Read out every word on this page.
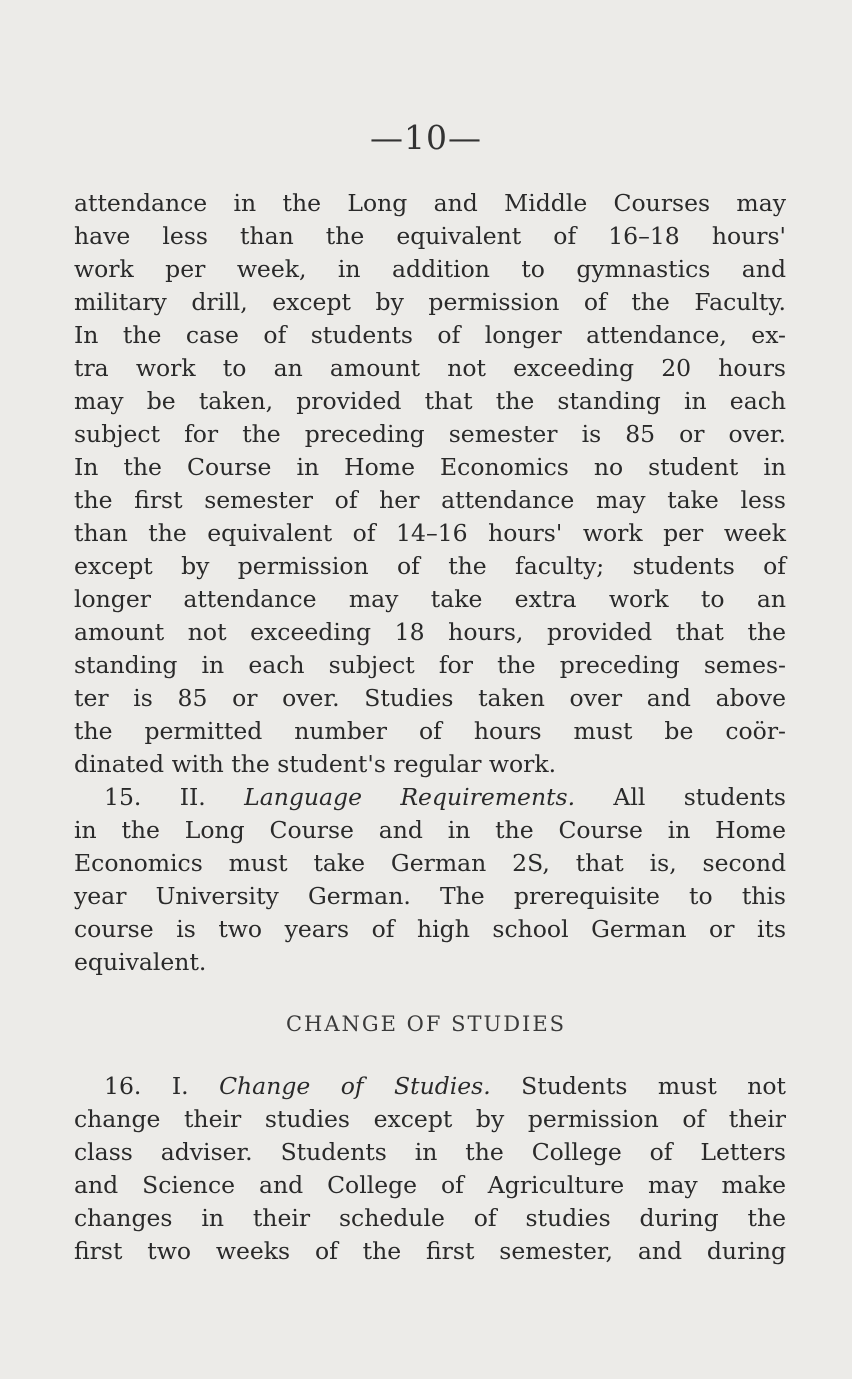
—10—
attendance in the Long and Middle Courses may
have less than the equivalent of 16–18 hours'
work per week, in addition to gymnastics and
military drill, except by permission of the Faculty.
In the case of students of longer attendance, ex-
tra work to an amount not exceeding 20 hours
may be taken, provided that the standing in each
subject for the preceding semester is 85 or over.
In the Course in Home Economics no student in
the first semester of her attendance may take less
than the equivalent of 14–16 hours' work per week
except by permission of the faculty; students of
longer attendance may take extra work to an
amount not exceeding 18 hours, provided that the
standing in each subject for the preceding semes-
ter is 85 or over. Studies taken over and above
the permitted number of hours must be coör-
dinated with the student's regular work.
15. II. Language Requirements. All students
in the Long Course and in the Course in Home
Economics must take German 2S, that is, second
year University German. The prerequisite to this
course is two years of high school German or its
equivalent.
CHANGE OF STUDIES
16. I. Change of Studies. Students must not
change their studies except by permission of their
class adviser. Students in the College of Letters
and Science and College of Agriculture may make
changes in their schedule of studies during the
first two weeks of the first semester, and during
